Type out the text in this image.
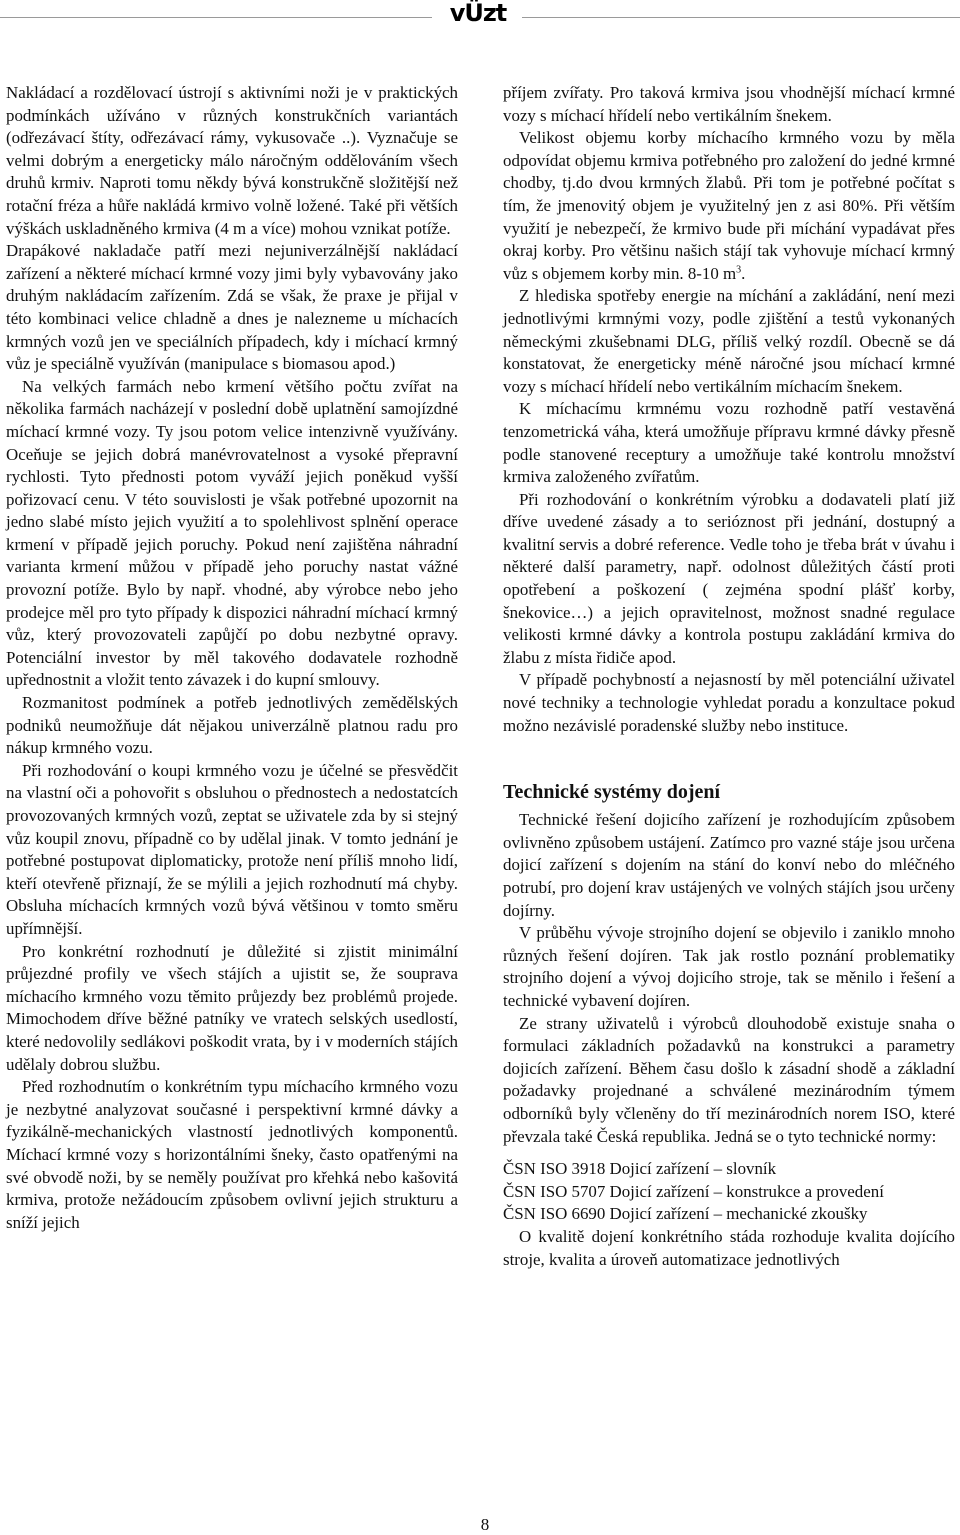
vÜzt

Nakládací a rozdělovací ústrojí s aktivními noži je v praktických podmínkách užíváno v různých konstrukčních variantách (odřezávací štíty, odřezávací rámy, vykusovače ..). Vyznačuje se velmi dobrým a energeticky málo náročným oddělováním všech druhů krmiv. Naproti tomu někdy bývá konstrukčně složitější než rotační fréza a hůře nakládá krmivo volně ložené. Také při větších výškách uskladněného krmiva (4 m a více) mohou vznikat potíže.

Drapákové nakladače patří mezi nejuniverzálnější nakládací zařízení a některé míchací krmné vozy jimi byly vybavovány jako druhým nakládacím zařízením. Zdá se však, že praxe je přijal v této kombinaci velice chladně a dnes je nalezneme u míchacích krmných vozů jen ve speciálních případech, kdy i míchací krmný vůz je speciálně využíván (manipulace s biomasou apod.)

Na velkých farmách nebo krmení většího počtu zvířat na několika farmách nacházejí v poslední době uplatnění samojízdné míchací krmné vozy. Ty jsou potom velice intenzivně využívány. Oceňuje se jejich dobrá manévrovatelnost a vysoké přepravní rychlosti. Tyto přednosti potom vyváží jejich poněkud vyšší pořizovací cenu. V této souvislosti je však potřebné upozornit na jedno slabé místo jejich využití a to spolehlivost splnění operace krmení v případě jejich poruchy. Pokud není zajištěna náhradní varianta krmení můžou v případě jeho poruchy nastat vážné provozní potíže. Bylo by např. vhodné, aby výrobce nebo jeho prodejce měl pro tyto případy k dispozici náhradní míchací krmný vůz, který provozovateli zapůjčí po dobu nezbytné opravy. Potenciální investor by měl takového dodavatele rozhodně upřednostnit a vložit tento závazek i do kupní smlouvy.

Rozmanitost podmínek a potřeb jednotlivých zemědělských podniků neumožňuje dát nějakou univerzálně platnou radu pro nákup krmného vozu.

Při rozhodování o koupi krmného vozu je účelné se přesvědčit na vlastní oči a pohovořit s obsluhou o přednostech a nedostatcích provozovaných krmných vozů, zeptat se uživatele zda by si stejný vůz koupil znovu, případně co by udělal jinak. V tomto jednání je potřebné postupovat diplomaticky, protože není příliš mnoho lidí, kteří otevřeně přiznají, že se mýlili a jejich rozhodnutí má chyby. Obsluha míchacích krmných vozů bývá většinou v tomto směru upřímnější.

Pro konkrétní rozhodnutí je důležité si zjistit minimální průjezdné profily ve všech stájích a ujistit se, že souprava míchacího krmného vozu těmito průjezdy bez problémů projede. Mimochodem dříve běžné patníky ve vratech selských usedlostí, které nedovolily sedlákovi poškodit vrata, by i v moderních stájích udělaly dobrou službu.

Před rozhodnutím o konkrétním typu míchacího krmného vozu je nezbytné analyzovat současné i perspektivní krmné dávky a fyzikálně-mechanických vlastností jednotlivých komponentů. Míchací krmné vozy s horizontálními šneky, často opatřenými na své obvodě noži, by se neměly používat pro křehká nebo kašovitá krmiva, protože nežádoucím způsobem ovlivní jejich strukturu a sníží jejich

příjem zvířaty. Pro taková krmiva jsou vhodnější míchací krmné vozy s míchací hřídelí nebo vertikálním šnekem.

Velikost objemu korby míchacího krmného vozu by měla odpovídat objemu krmiva potřebného pro založení do jedné krmné chodby, tj.do dvou krmných žlabů. Při tom je potřebné počítat s tím, že jmenovitý objem je využitelný jen z asi 80%. Při větším využití je nebezpečí, že krmivo bude při míchání vypadávat přes okraj korby. Pro většinu našich stájí tak vyhovuje míchací krmný vůz s objemem korby min. 8-10 $m^3$.

Z hlediska spotřeby energie na míchání a zakládání, není mezi jednotlivými krmnými vozy, podle zjištění a testů vykonaných německými zkušebnami DLG, příliš velký rozdíl. Obecně se dá konstatovat, že energeticky méně náročné jsou míchací krmné vozy s míchací hřídelí nebo vertikálním míchacím šnekem.

K míchacímu krmnému vozu rozhodně patří vestavěná tenzometrická váha, která umožňuje přípravu krmné dávky přesně podle stanovené receptury a umožňuje také kontrolu množství krmiva založeného zvířatům.

Při rozhodování o konkrétním výrobku a dodavateli platí již dříve uvedené zásady a to serióznost při jednání, dostupný a kvalitní servis a dobré reference. Vedle toho je třeba brát v úvahu i některé další parametry, např. odolnost důležitých částí proti opotřebení a poškození ( zejména spodní plášť korby, šnekovice…) a jejich opravitelnost, možnost snadné regulace velikosti krmné dávky a kontrola postupu zakládání krmiva do žlabu z místa řidiče apod.

V případě pochybností a nejasností by měl potenciální uživatel nové techniky a technologie vyhledat poradu a konzultace pokud možno nezávislé poradenské služby nebo instituce.

Technické systémy dojení

Technické řešení dojicího zařízení je rozhodujícím způsobem ovlivněno způsobem ustájení. Zatímco pro vazné stáje jsou určena dojicí zařízení s dojením na stání do konví nebo do mléčného potrubí, pro dojení krav ustájených ve volných stájích jsou určeny dojírny.

V průběhu vývoje strojního dojení se objevilo i zaniklo mnoho různých řešení dojíren. Tak jak rostlo poznání problematiky strojního dojení a vývoj dojicího stroje, tak se měnilo i řešení a technické vybavení dojíren.

Ze strany uživatelů i výrobců dlouhodobě existuje snaha o formulaci základních požadavků na konstrukci a parametry dojicích zařízení. Během času došlo k zásadní shodě a základní požadavky projednané a schválené mezinárodním týmem odborníků byly včleněny do tří mezinárodních norem ISO, které převzala také Česká republika. Jedná se o tyto technické normy:

ČSN ISO 3918 Dojicí zařízení – slovník
ČSN ISO 5707 Dojicí zařízení – konstrukce a provedení
ČSN ISO 6690 Dojicí zařízení – mechanické zkoušky

O kvalitě dojení konkrétního stáda rozhoduje kvalita dojícího stroje, kvalita a úroveň automatizace jednotlivých

8
